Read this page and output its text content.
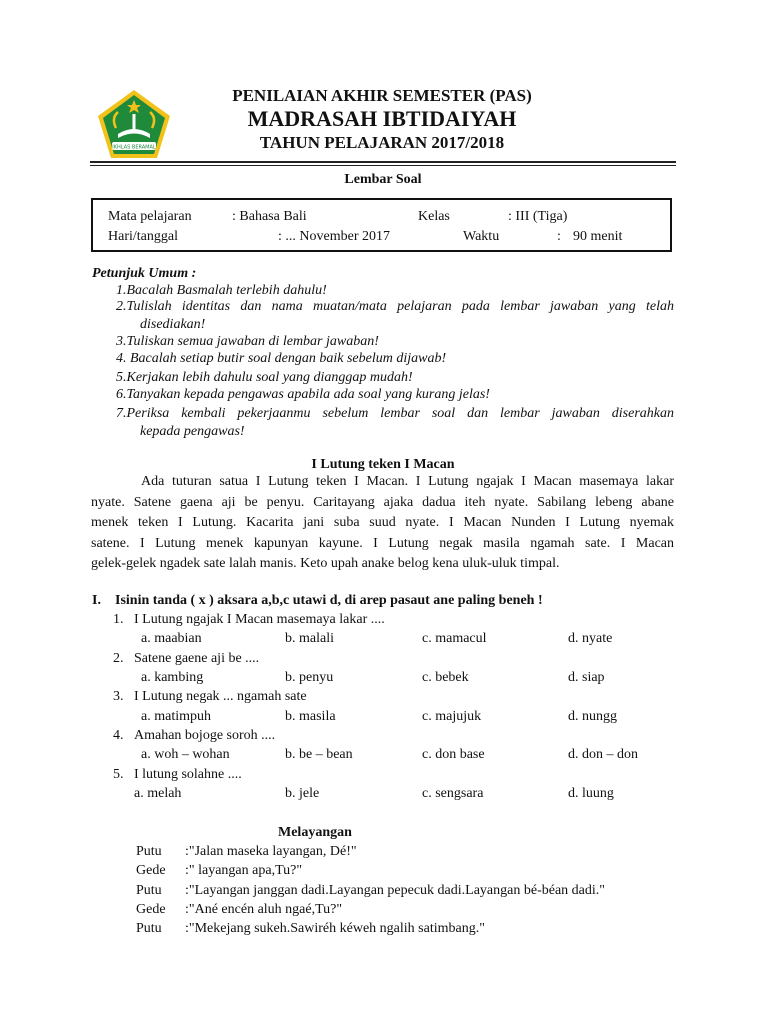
IKHLAS BERAMAL
PENILAIAN AKHIR SEMESTER (PAS)
MADRASAH IBTIDAIYAH
TAHUN PELAJARAN 2017/2018
Lembar Soal
Mata pelajaran	: Bahasa Bali	Kelas	: III (Tiga)
Hari/tanggal	: ... November 2017	Waktu	: 90 menit
Petunjuk Umum :
1.Bacalah Basmalah terlebih dahulu!
2.Tulislah identitas dan nama muatan/mata pelajaran pada lembar jawaban yang telah
disediakan!
3.Tuliskan semua jawaban di lembar jawaban!
4. Bacalah setiap butir soal dengan baik sebelum dijawab!
5.Kerjakan lebih dahulu soal yang dianggap mudah!
6.Tanyakan kepada pengawas apabila ada soal yang kurang jelas!
7.Periksa kembali pekerjaanmu sebelum lembar soal dan lembar jawaban diserahkan
kepada pengawas!
I Lutung teken I Macan

Ada tuturan satua I Lutung teken I Macan. I Lutung ngajak I Macan masemaya lakar

nyate. Satene gaena aji be penyu. Caritayang ajaka dadua iteh nyate. Sabilang lebeng abane

menek teken I Lutung. Kacarita jani suba suud nyate. I Macan Nunden I Lutung nyemak

satene. I Lutung menek kapunyan kayune. I Lutung negak masila ngamah sate. I Macan

gelek-gelek ngadek sate lalah manis. Keto upah anake belog kena uluk-uluk timpal.

I. Isinin tanda ( x ) aksara a,b,c utawi d, di arep pasaut ane paling beneh !
1. I Lutung ngajak I Macan masemaya lakar ....
a. maabian	b. malali	c. mamacul	d. nyate
2. Satene gaene aji be ....
a. kambing	b. penyu	c. bebek	d. siap
3. I Lutung negak ... ngamah sate
a. matimpuh	b. masila	c. majujuk	d. nungg
4. Amahan bojoge soroh ....
a. woh – wohan	b. be – bean	c. don base	d. don – don
5. I lutung solahne ....
a. melah	b. jele	c. sengsara	d. luung
Melayangan
Putu :"Jalan maseka layangan, Dé!"
Gede :" layangan apa,Tu?"
Putu :"Layangan janggan dadi.Layangan pepecuk dadi.Layangan bé-béan dadi."
Gede :"Ané encén aluh ngaé,Tu?"
Putu :"Mekejang sukeh.Sawiréh kéweh ngalih satimbang."
